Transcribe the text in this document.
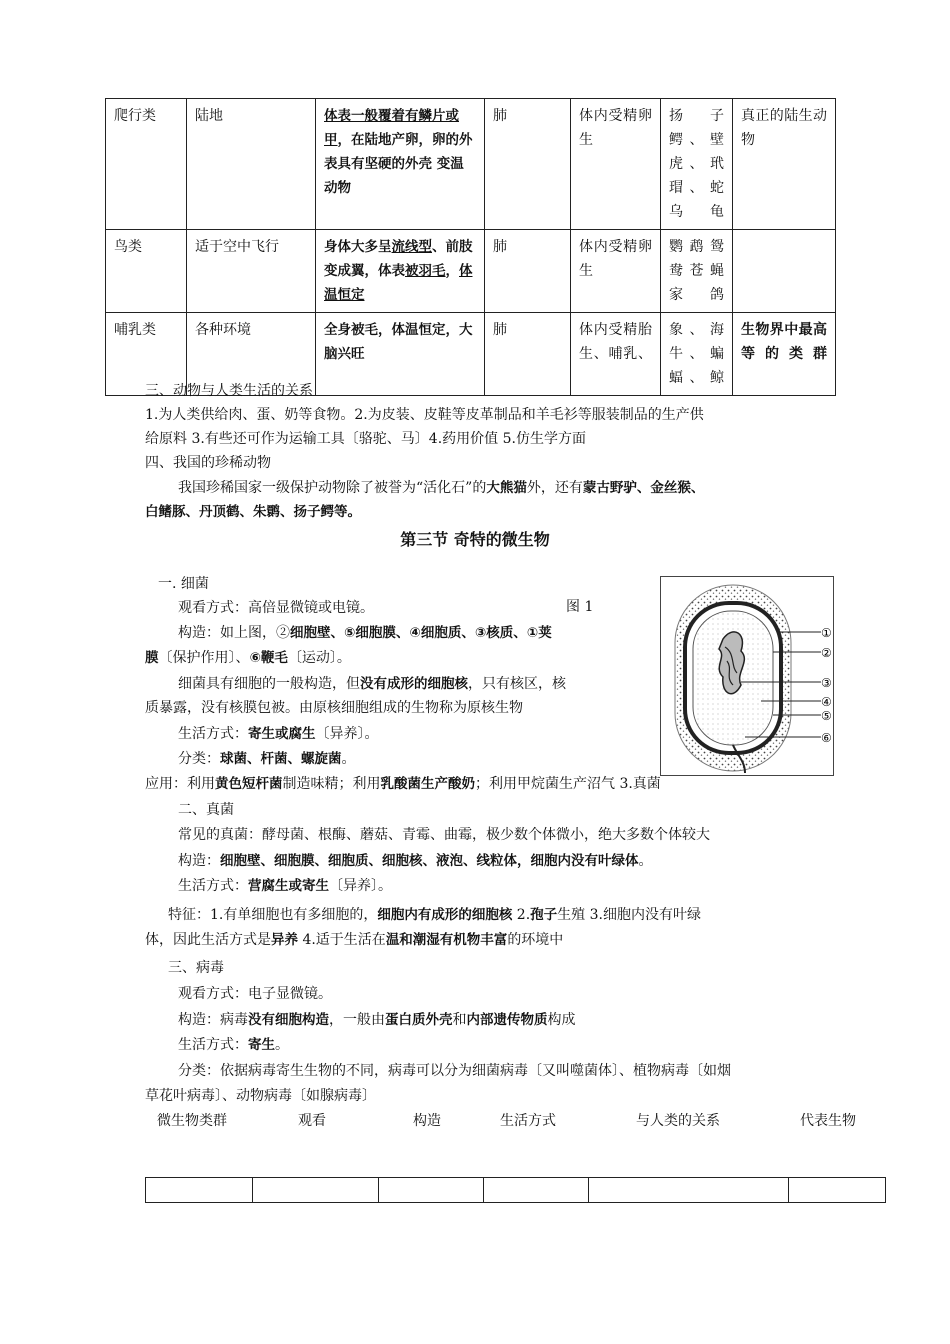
爬行类	陆地	体表一般覆着有鳞片或甲，在陆地产卵，卵的外表具有坚硬的外壳 变温动物	肺	体内受精卵生	扬子鳄、壁虎、玳瑁、蛇乌龟	真正的陆生动物
鸟类	适于空中飞行	身体大多呈流线型、前肢变成翼，体表被羽毛，体温恒定	肺	体内受精卵生	鹦鹉鸳鸯苍蝇家鸽	
哺乳类	各种环境	全身被毛，体温恒定，大脑兴旺	肺	体内受精胎生、哺乳、	象、海牛、蝙蝠、鲸	生物界中最高等的类群
三、动物与人类生活的关系
1.为人类供给肉、蛋、奶等食物。2.为皮装、皮鞋等皮革制品和羊毛衫等服装制品的生产供
给原料 3.有些还可作为运输工具〔骆驼、马〕4.药用价值 5.仿生学方面
四、我国的珍稀动物
我国珍稀国家一级保护动物除了被誉为“活化石”的大熊猫外，还有蒙古野驴、金丝猴、
白鳍豚、丹顶鹤、朱鹮、扬子鳄等。
一. 细菌
观看方式：高倍显微镜或电镜。
构造：如上图，②细胞壁、⑤细胞膜、④细胞质、③核质、①荚
膜〔保护作用〕、⑥鞭毛〔运动〕。
细菌具有细胞的一般构造，但没有成形的细胞核，只有核区，核
质暴露，没有核膜包被。由原核细胞组成的生物称为原核生物
生活方式：寄生或腐生〔异养〕。
分类：球菌、杆菌、螺旋菌。
应用：利用黄色短杆菌制造味精；利用乳酸菌生产酸奶；利用甲烷菌生产沼气 3.真菌
二、真菌
常见的真菌：酵母菌、根酶、蘑菇、青霉、曲霉，极少数个体微小，绝大多数个体较大
构造：细胞壁、细胞膜、细胞质、细胞核、液泡、线粒体，细胞内没有叶绿体。
生活方式：营腐生或寄生〔异养〕。
特征：1.有单细胞也有多细胞的，细胞内有成形的细胞核 2.孢子生殖 3.细胞内没有叶绿
体，因此生活方式是异养 4.适于生活在温和潮湿有机物丰富的环境中
三、病毒
观看方式：电子显微镜。
构造：病毒没有细胞构造，一般由蛋白质外壳和内部遗传物质构成
生活方式：寄生。
分类：依据病毒寄生生物的不同，病毒可以分为细菌病毒〔又叫噬菌体〕、植物病毒〔如烟
草花叶病毒〕、动物病毒〔如腺病毒〕
第三节 奇特的微生物
图 1
①
②
③
④
⑤
⑥
微生物类群	观看	构造	生活方式	与人类的关系	代表生物
